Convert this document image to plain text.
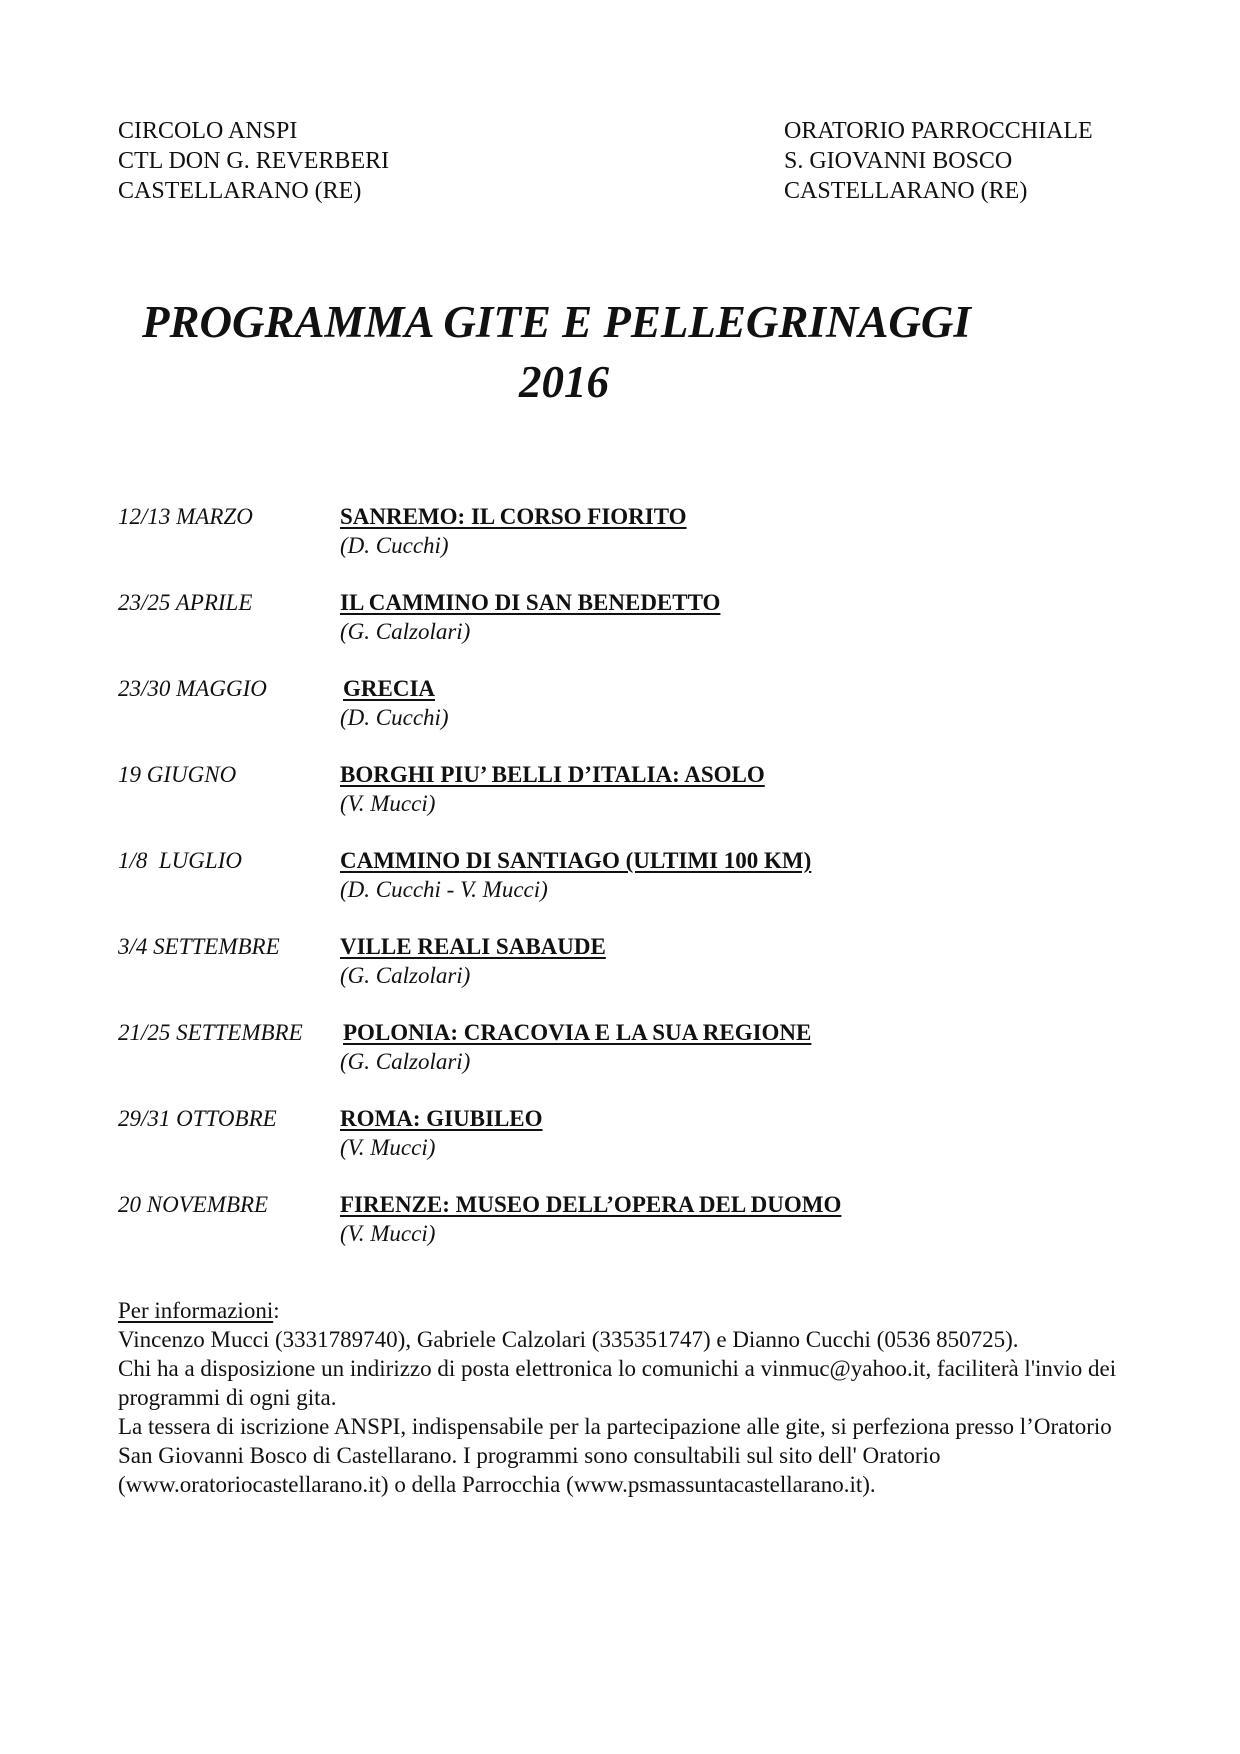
CIRCOLO ANSPI
CTL DON G. REVERBERI
CASTELLARANO (RE)
ORATORIO PARROCCHIALE
S. GIOVANNI BOSCO
CASTELLARANO (RE)
PROGRAMMA GITE E PELLEGRINAGGI
2016
12/13 MARZO	SANREMO: IL CORSO FIORITO
(D. Cucchi)
23/25 APRILE	IL CAMMINO DI SAN BENEDETTO
(G. Calzolari)
23/30 MAGGIO	GRECIA
(D. Cucchi)
19 GIUGNO	BORGHI PIU’ BELLI D’ITALIA: ASOLO
(V. Mucci)
1/8  LUGLIO	CAMMINO DI SANTIAGO (ULTIMI 100 KM)
(D. Cucchi - V. Mucci)
3/4 SETTEMBRE	VILLE REALI SABAUDE
(G. Calzolari)
21/25 SETTEMBRE POLONIA: CRACOVIA E LA SUA REGIONE
(G. Calzolari)
29/31 OTTOBRE	ROMA: GIUBILEO
(V. Mucci)
20 NOVEMBRE	FIRENZE: MUSEO DELL’OPERA DEL DUOMO
(V. Mucci)

Per informazioni:

Vincenzo Mucci (3331789740), Gabriele Calzolari (335351747) e Dianno Cucchi (0536 850725).

Chi ha a disposizione un indirizzo di posta elettronica lo comunichi a vinmuc@yahoo.it, faciliterà l'invio dei programmi di ogni gita.

La tessera di iscrizione ANSPI, indispensabile per la partecipazione alle gite, si perfeziona presso l’Oratorio San Giovanni Bosco di Castellarano. I programmi sono consultabili sul sito dell' Oratorio (www.oratoriocastellarano.it) o della Parrocchia (www.psmassuntacastellarano.it).
